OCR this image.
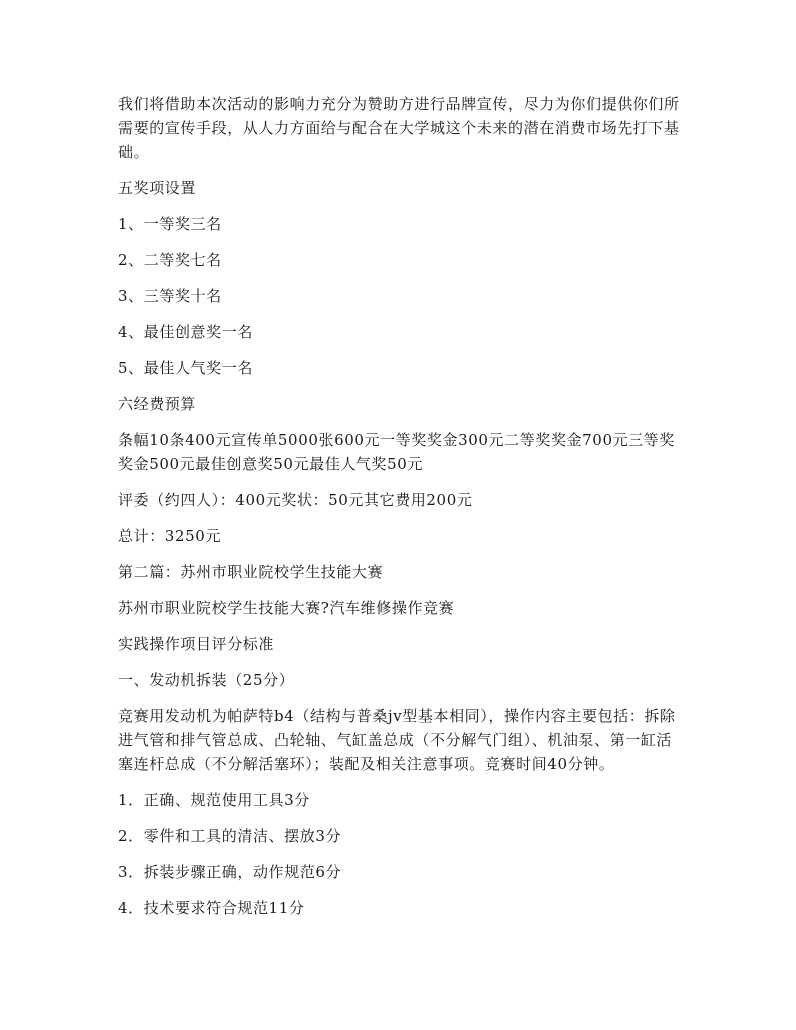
我们将借助本次活动的影响力充分为赞助方进行品牌宣传，尽力为你们提供你们所需要的宣传手段，从人力方面给与配合在大学城这个未来的潜在消费市场先打下基础。

五奖项设置

1、一等奖三名

2、二等奖七名

3、三等奖十名

4、最佳创意奖一名

5、最佳人气奖一名

六经费预算

条幅10条400元宣传单5000张600元一等奖奖金300元二等奖奖金700元三等奖奖金500元最佳创意奖50元最佳人气奖50元

评委（约四人）：400元奖状：50元其它费用200元

总计：3250元

第二篇：苏州市职业院校学生技能大赛

苏州市职业院校学生技能大赛?汽车维修操作竞赛

实践操作项目评分标准

一、发动机拆装（25分）

竞赛用发动机为帕萨特b4（结构与普桑jv型基本相同），操作内容主要包括：拆除进气管和排气管总成、凸轮轴、气缸盖总成（不分解气门组）、机油泵、第一缸活塞连杆总成（不分解活塞环）；装配及相关注意事项。竞赛时间40分钟。

1．正确、规范使用工具3分

2．零件和工具的清洁、摆放3分

3．拆装步骤正确，动作规范6分

4．技术要求符合规范11分
